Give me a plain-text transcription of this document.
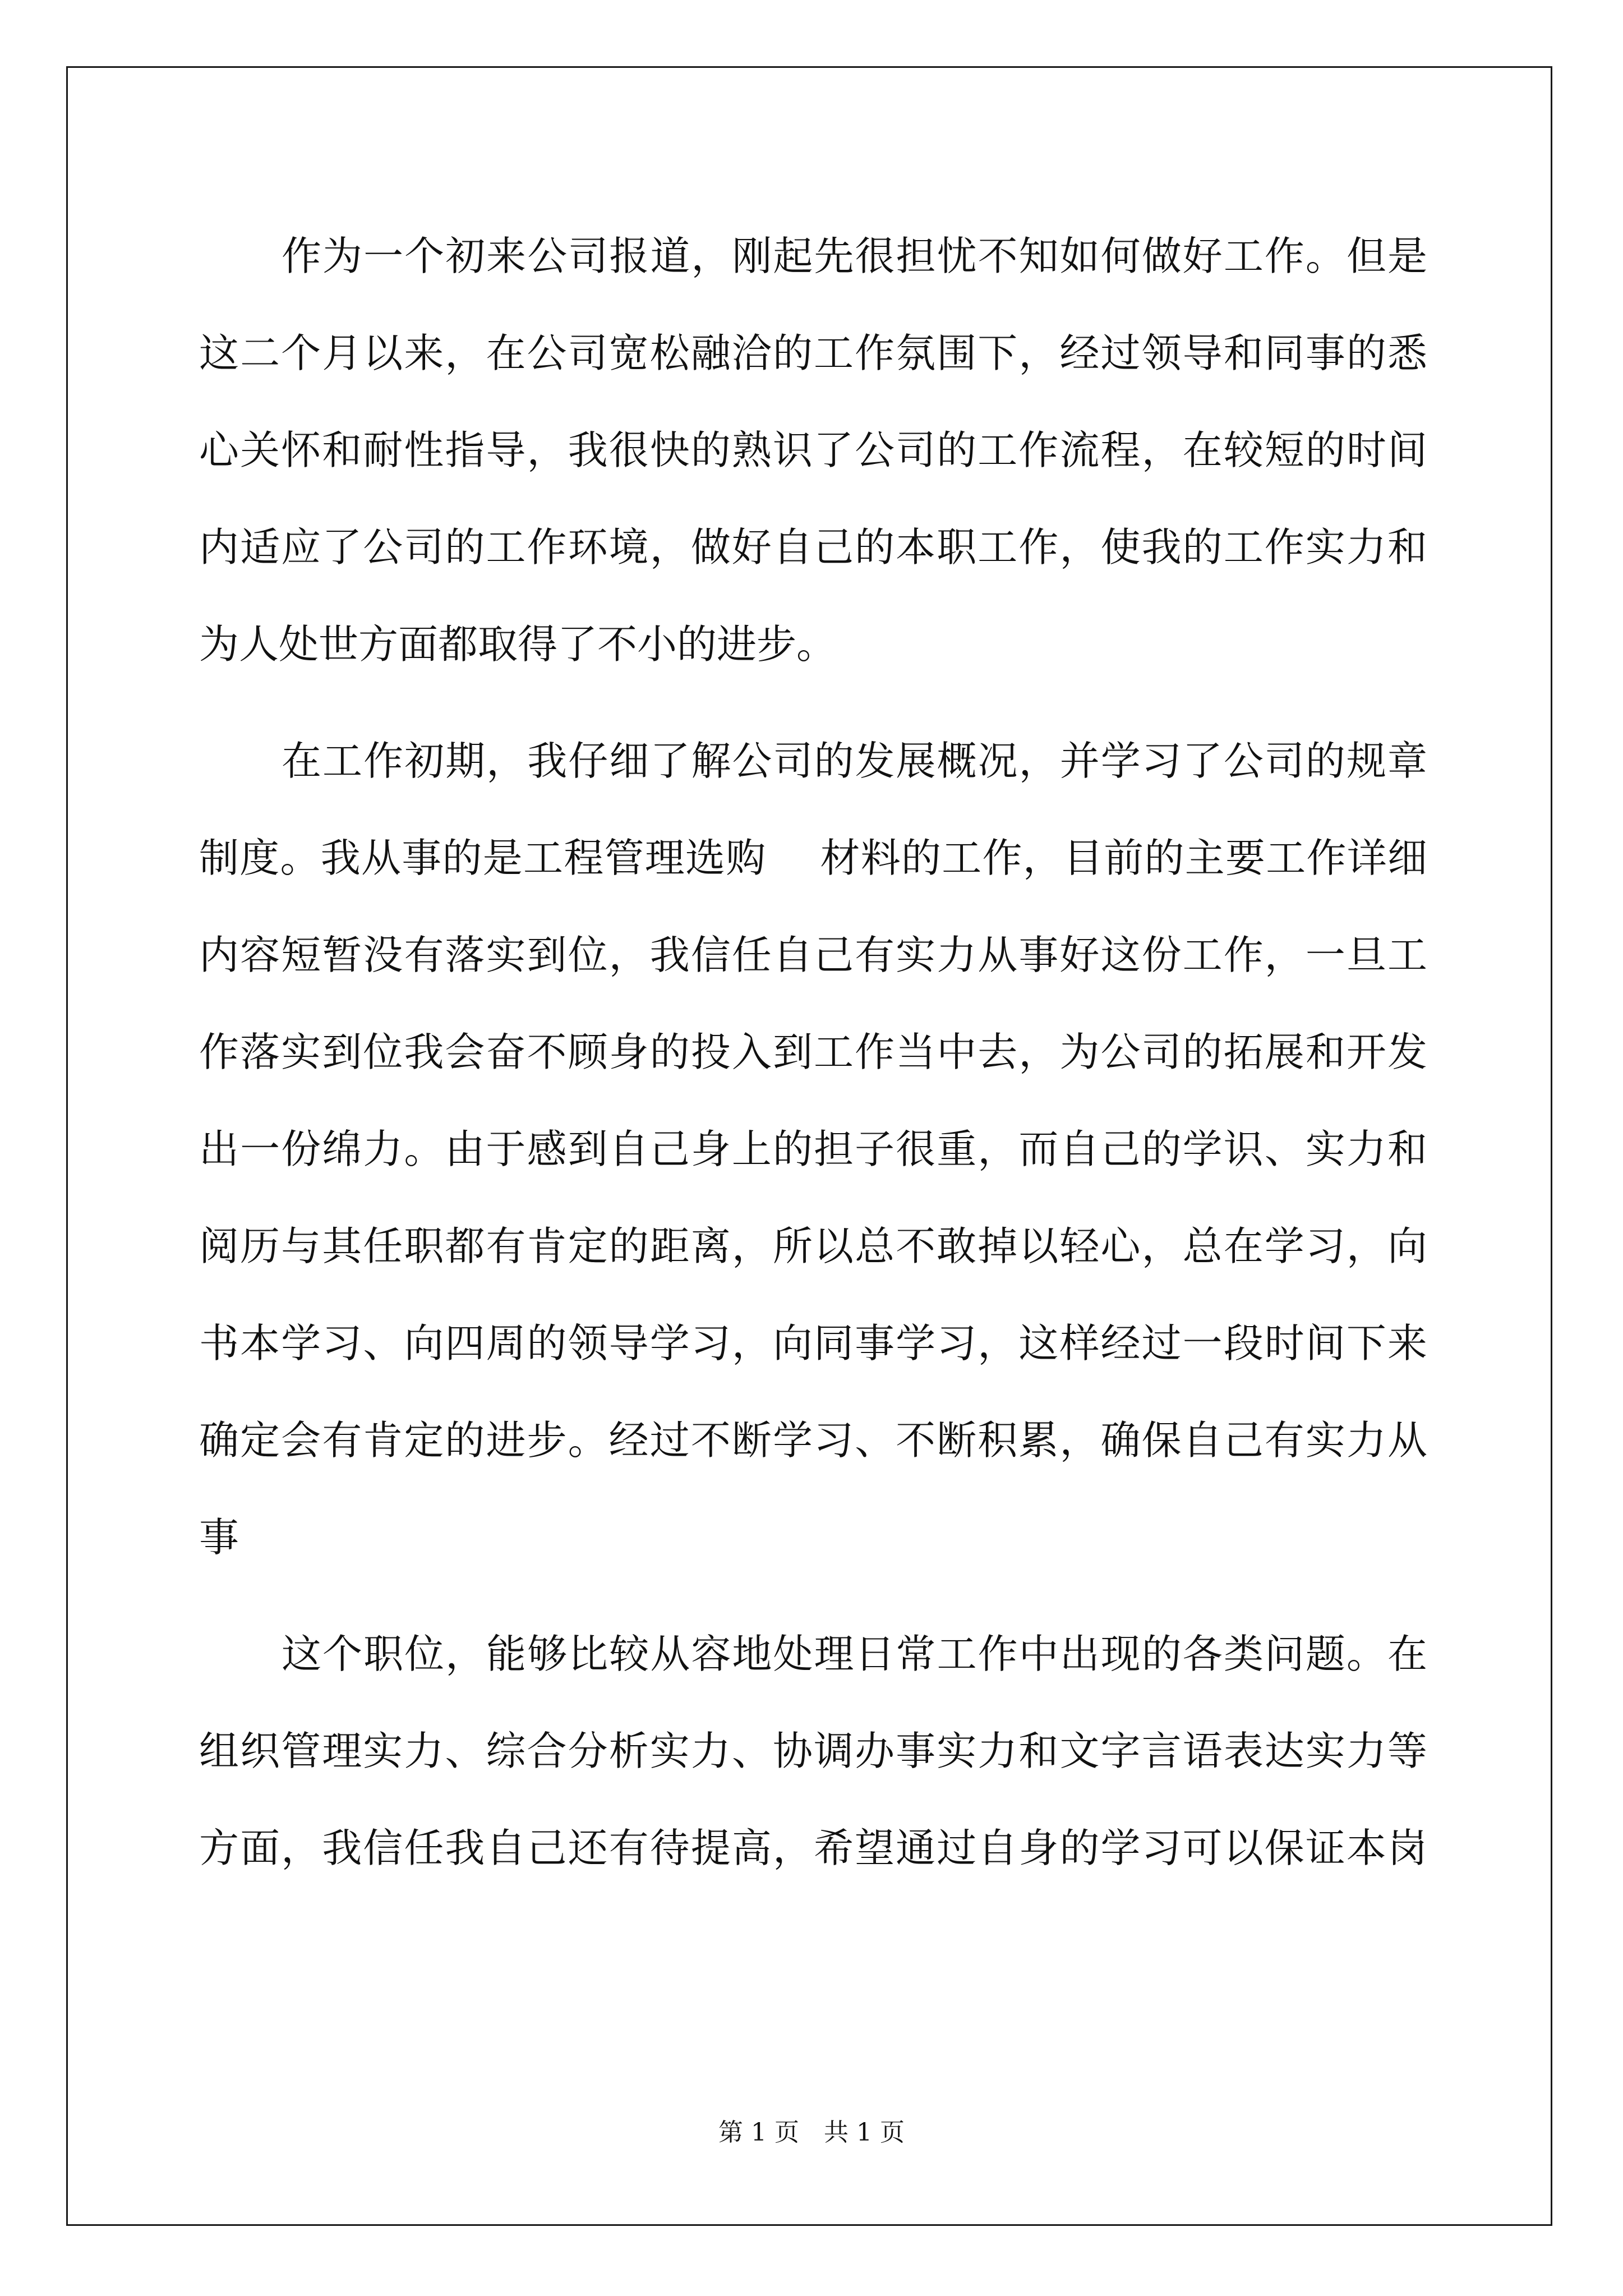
作为一个初来公司报道，刚起先很担忧不知如何做好工作。但是
这二个月以来，在公司宽松融洽的工作氛围下，经过领导和同事的悉
心关怀和耐性指导，我很快的熟识了公司的工作流程，在较短的时间
内适应了公司的工作环境，做好自己的本职工作，使我的工作实力和
为人处世方面都取得了不小的进步。
在工作初期，我仔细了解公司的发展概况，并学习了公司的规章
制度。我从事的是工程管理选购　 材料的工作，目前的主要工作详细
内容短暂没有落实到位，我信任自己有实力从事好这份工作，一旦工
作落实到位我会奋不顾身的投入到工作当中去，为公司的拓展和开发
出一份绵力。由于感到自己身上的担子很重，而自己的学识、实力和
阅历与其任职都有肯定的距离，所以总不敢掉以轻心，总在学习，向
书本学习、向四周的领导学习，向同事学习，这样经过一段时间下来
确定会有肯定的进步。经过不断学习、不断积累，确保自己有实力从
事
这个职位，能够比较从容地处理日常工作中出现的各类问题。在
组织管理实力、综合分析实力、协调办事实力和文字言语表达实力等
方面，我信任我自己还有待提高，希望通过自身的学习可以保证本岗
第 1 页　共 1 页
